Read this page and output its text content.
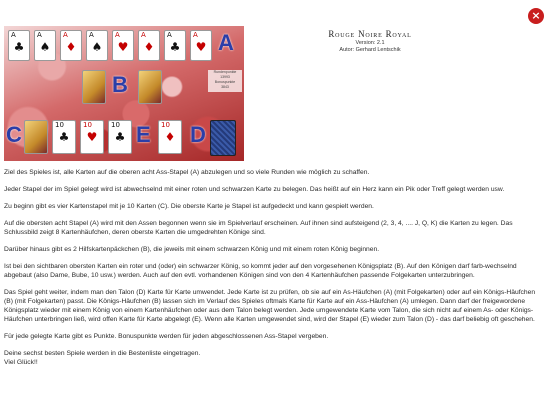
×
A
♣
A
♠
A
♦
A
♠
A
♥
A
♦
A
♣
A
♥ A
Rundenpunkte
13993
Bonuspunkte
3843
B
C	10
♣
10
♥
10
♣ E 10
♦ D
Rouge Noire Royal
Version: 2.1
Autor: Gerhard Lentschik

Ziel des Spieles ist, alle Karten auf die oberen acht Ass-Stapel (A) abzulegen und so viele Runden wie möglich zu schaffen.

Jeder Stapel der im Spiel gelegt wird ist abwechselnd mit einer roten und schwarzen Karte zu belegen. Das heißt auf ein Herz kann ein Pik oder Treff gelegt werden usw.

Zu beginn gibt es vier Kartenstapel mit je 10 Karten (C). Die oberste Karte je Stapel ist aufgedeckt und kann gespielt werden.

Auf die obersten acht Stapel (A) wird mit den Assen begonnen wenn sie im Spielverlauf erscheinen. Auf ihnen sind aufsteigend (2, 3, 4, .... J, Q, K) die Karten zu legen. Das Schlussbild zeigt 8 Kartenhäufchen, deren oberste Karten die umgedrehten Könige sind.

Darüber hinaus gibt es 2 Hilfskartenpäckchen (B), die jeweils mit einem schwarzen König und mit einem roten König beginnen.

Ist bei den sichtbaren obersten Karten ein roter und (oder) ein schwarzer König, so kommt jeder auf den vorgesehenen Königsplatz (B). Auf den Königen darf farb-wechselnd abgebaut (also Dame, Bube, 10 usw.) werden. Auch auf den evtl. vorhandenen Königen sind von den 4 Kartenhäufchen passende Folgekarten unterzubringen.

Das Spiel geht weiter, indem man den Talon (D) Karte für Karte umwendet. Jede Karte ist zu prüfen, ob sie auf ein As-Häufchen (A) (mit Folgekarten) oder auf ein Königs-Häufchen (B) (mit Folgekarten) passt. Die Königs-Häufchen (B) lassen sich im Verlauf des Spieles oftmals Karte für Karte auf ein Ass-Häufchen (A) umlegen. Dann darf der freigewordene Königsplatz wieder mit einem König von einem Kartenhäufchen oder aus dem Talon belegt werden. Jede umgewendete Karte vom Talon, die sich nicht auf einem As- oder Königs-Häufchen unterbringen ließ, wird offen Karte für Karte abgelegt (E). Wenn alle Karten umgewendet sind, wird der Stapel (E) wieder zum Talon (D) - das darf beliebig oft geschehen.

Für jede gelegte Karte gibt es Punkte. Bonuspunkte werden für jeden abgeschlossenen Ass-Stapel vergeben.

Deine sechst besten Spiele werden in die Bestenliste eingetragen.
Viel Glück!!
